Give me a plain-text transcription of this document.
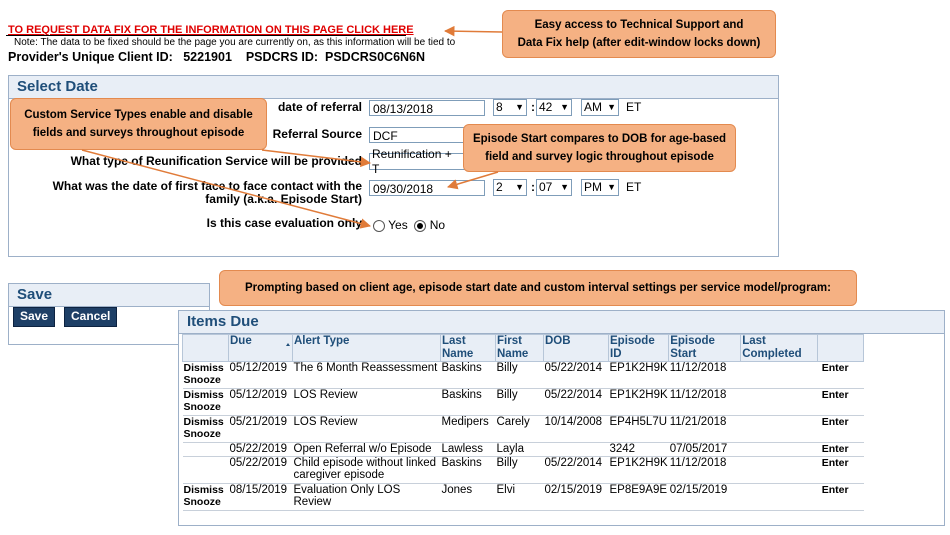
TO REQUEST DATA FIX FOR THE INFORMATION ON THIS PAGE CLICK HERE
Note: The data to be fixed should be the page you are currently on, as this information will be tied to
Provider's Unique Client ID: 5221901 PSDCRS ID: PSDCRS0C6N6N
Select Date
date of referral 08/13/2018	8 ▼ : 42 ▼ AM ▼ ET
Referral Source DCF
What type of Reunification Service will be provided
Reunification + T
What was the date of first face to face contact with the
family (a.k.a. Episode Start)
09/30/2018	2 ▼ : 07 ▼ PM ▼ ET
Is this case evaluation only	Yes No
Save
Save	Cancel	Items Due
	Due	Alert Type	Last Name	First Name	DOB	Episode ID	Episode Start	Last Completed	

Dismiss
Snooze	05/12/2019	The 6 Month Reassessment	Baskins	Billy	05/22/2014	EP1K2H9K	11/12/2018		Enter

Dismiss
Snooze	05/12/2019	LOS Review	Baskins	Billy	05/22/2014	EP1K2H9K	11/12/2018		Enter

Dismiss
Snooze	05/21/2019	LOS Review	Medipers	Carely	10/14/2008	EP4H5L7U	11/21/2018		Enter

	05/22/2019	Open Referral w/o Episode	Lawless	Layla		3242	07/05/2017		Enter

	05/22/2019	Child episode without linked caregiver episode	Baskins	Billy	05/22/2014	EP1K2H9K	11/12/2018		Enter

Dismiss
Snooze	08/15/2019	Evaluation Only LOS Review	Jones	Elvi	02/15/2019	EP8E9A9E	02/15/2019		Enter
Easy access to Technical Support and
Data Fix help (after edit-window locks down)
Custom Service Types enable and disable
fields and surveys throughout episode	Episode Start compares to DOB for age-based
field and survey logic throughout episode
Prompting based on client age, episode start date and custom interval settings per service model/program:
